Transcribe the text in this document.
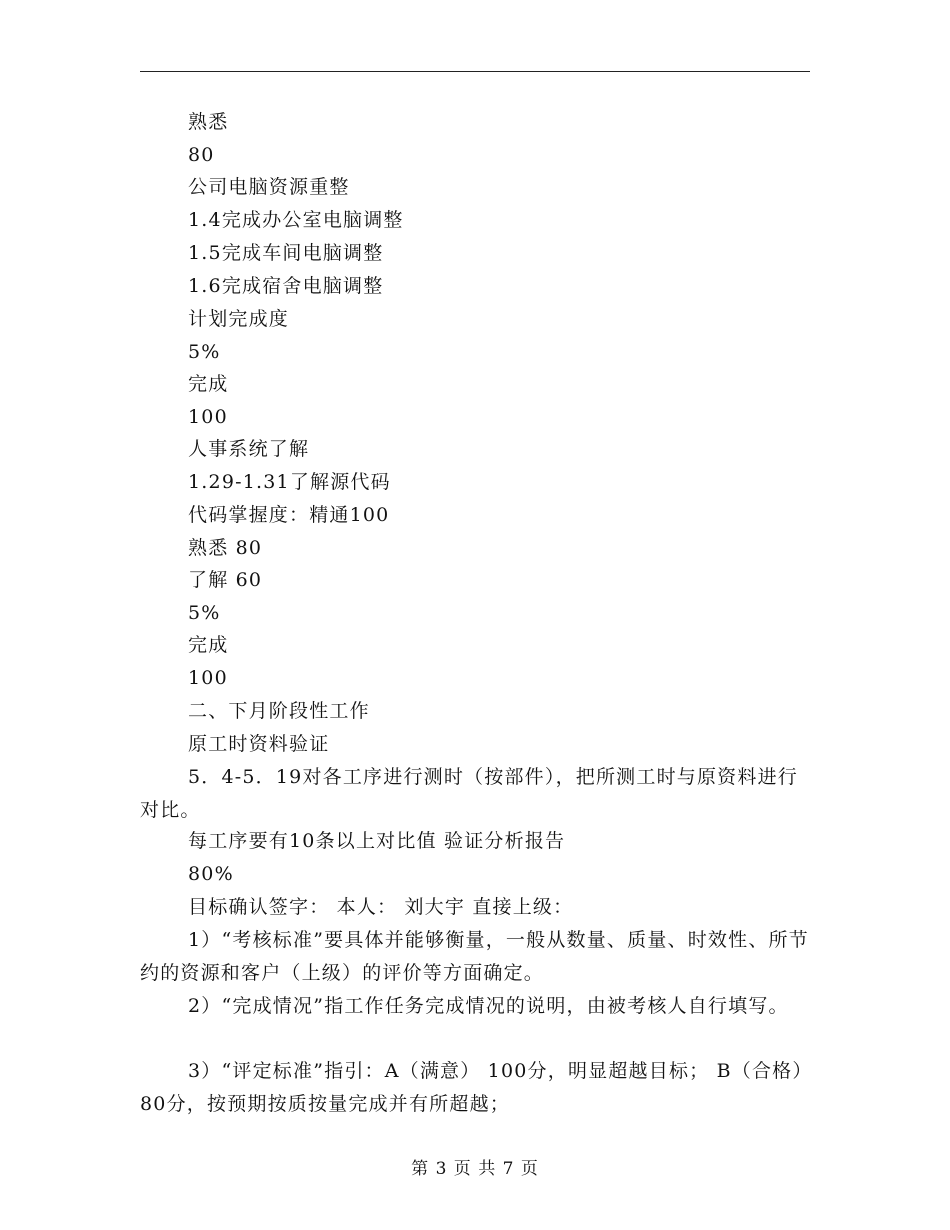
熟悉
80
公司电脑资源重整
1.4完成办公室电脑调整
1.5完成车间电脑调整
1.6完成宿舍电脑调整
计划完成度
5%
完成
100
人事系统了解
1.29-1.31了解源代码
代码掌握度：精通100
熟悉 80
了解 60
5%
完成
100
二、下月阶段性工作
原工时资料验证
5．4-5．19对各工序进行测时（按部件），把所测工时与原资料进行对比。
每工序要有10条以上对比值 验证分析报告
80%
目标确认签字： 本人： 刘大宇 直接上级：
1）“考核标准”要具体并能够衡量，一般从数量、质量、时效性、所节约的资源和客户（上级）的评价等方面确定。
2）“完成情况”指工作任务完成情况的说明，由被考核人自行填写。
3）“评定标准”指引：A（满意） 100分，明显超越目标； B（合格） 80分，按预期按质按量完成并有所超越；
第 3 页 共 7 页
